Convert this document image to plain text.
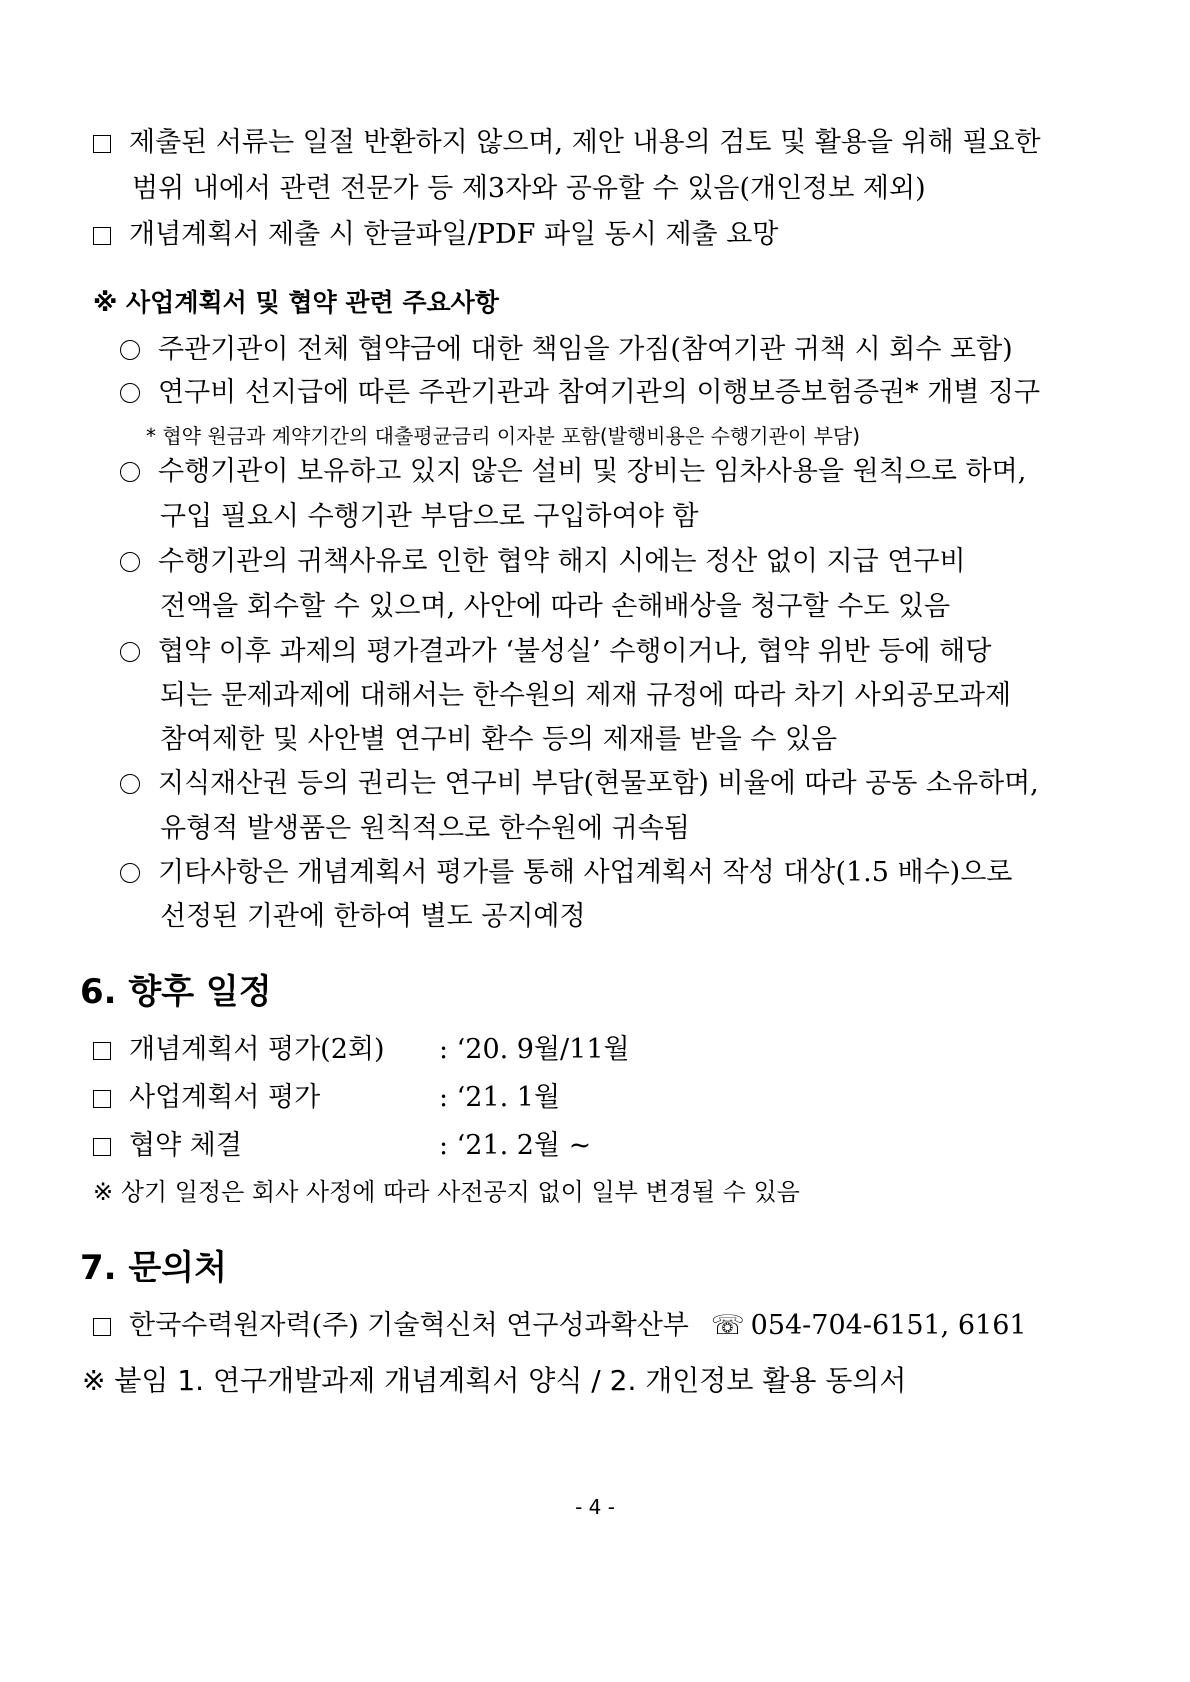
제출된 서류는 일절 반환하지 않으며, 제안 내용의 검토 및 활용을 위해 필요한
범위 내에서 관련 전문가 등 제3자와 공유할 수 있음(개인정보 제외)
개념계획서 제출 시 한글파일/PDF 파일 동시 제출 요망
※ 사업계획서 및 협약 관련 주요사항
주관기관이 전체 협약금에 대한 책임을 가짐(참여기관 귀책 시 회수 포함)
연구비 선지급에 따른 주관기관과 참여기관의 이행보증보험증권* 개별 징구
* 협약 원금과 계약기간의 대출평균금리 이자분 포함(발행비용은 수행기관이 부담)
수행기관이 보유하고 있지 않은 설비 및 장비는 임차사용을 원칙으로 하며,
구입 필요시 수행기관 부담으로 구입하여야 함
수행기관의 귀책사유로 인한 협약 해지 시에는 정산 없이 지급 연구비
전액을 회수할 수 있으며, 사안에 따라 손해배상을 청구할 수도 있음
협약 이후 과제의 평가결과가 ‘불성실’ 수행이거나, 협약 위반 등에 해당
되는 문제과제에 대해서는 한수원의 제재 규정에 따라 차기 사외공모과제
참여제한 및 사안별 연구비 환수 등의 제재를 받을 수 있음
지식재산권 등의 권리는 연구비 부담(현물포함) 비율에 따라 공동 소유하며,
유형적 발생품은 원칙적으로 한수원에 귀속됨
기타사항은 개념계획서 평가를 통해 사업계획서 작성 대상(1.5 배수)으로
선정된 기관에 한하여 별도 공지예정
6. 향후 일정
개념계획서 평가(2회) : ‘20. 9월/11월
사업계획서 평가	: ‘21. 1월
협약 체결	: ‘21. 2월 ~
※ 상기 일정은 회사 사정에 따라 사전공지 없이 일부 변경될 수 있음
7. 문의처
한국수력원자력(주) 기술혁신처 연구성과확산부 ☏ 054-704-6151, 6161
※ 붙임 1. 연구개발과제 개념계획서 양식 / 2. 개인정보 활용 동의서
- 4 -
